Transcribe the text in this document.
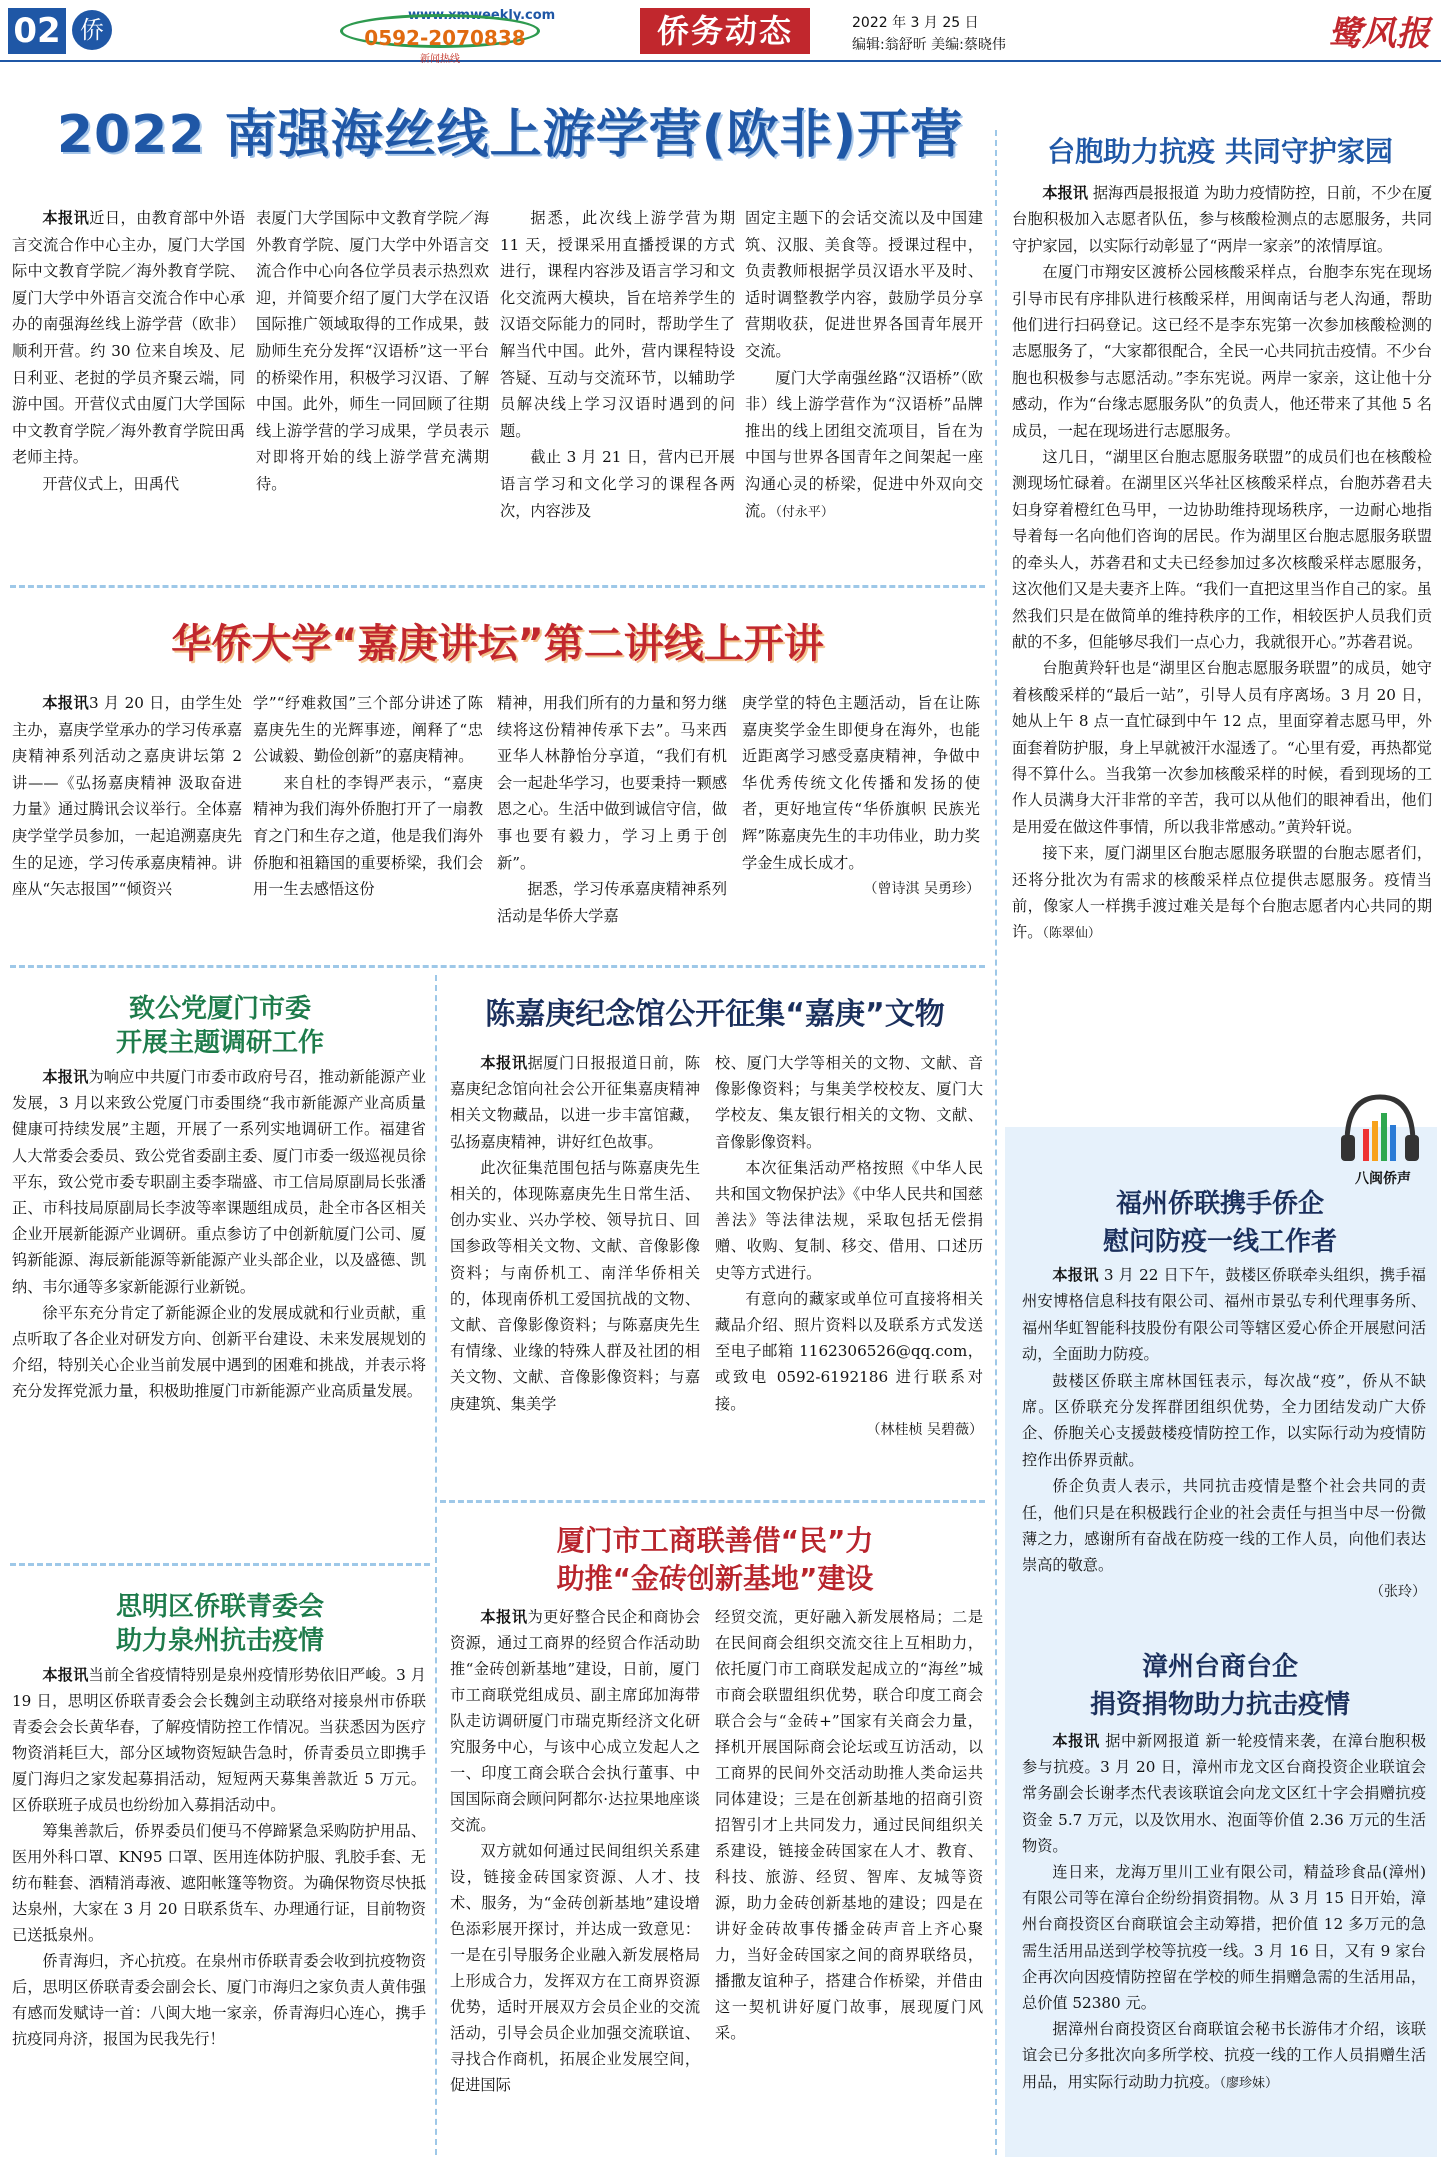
02 侨
www.xmweekly.com
0592-2070838
新闻热线
侨务动态	2022 年 3 月 25 日
编辑:翁舒昕 美编:蔡晓伟	鹭风报
2022 南强海丝线上游学营(欧非)开营

本报讯近日，由教育部中外语言交流合作中心主办，厦门大学国际中文教育学院／海外教育学院、厦门大学中外语言交流合作中心承办的南强海丝线上游学营（欧非）顺利开营。约 30 位来自埃及、尼日利亚、老挝的学员齐聚云端，同游中国。开营仪式由厦门大学国际中文教育学院／海外教育学院田禹老师主持。

开营仪式上，田禹代

表厦门大学国际中文教育学院／海外教育学院、厦门大学中外语言交流合作中心向各位学员表示热烈欢迎，并简要介绍了厦门大学在汉语国际推广领域取得的工作成果，鼓励师生充分发挥“汉语桥”这一平台的桥梁作用，积极学习汉语、了解中国。此外，师生一同回顾了往期线上游学营的学习成果，学员表示对即将开始的线上游学营充满期待。

据悉，此次线上游学营为期 11 天，授课采用直播授课的方式进行，课程内容涉及语言学习和文化交流两大模块，旨在培养学生的汉语交际能力的同时，帮助学生了解当代中国。此外，营内课程特设答疑、互动与交流环节，以辅助学员解决线上学习汉语时遇到的问题。

截止 3 月 21 日，营内已开展语言学习和文化学习的课程各两次，内容涉及

固定主题下的会话交流以及中国建筑、汉服、美食等。授课过程中，负责教师根据学员汉语水平及时、适时调整教学内容，鼓励学员分享营期收获，促进世界各国青年展开交流。

厦门大学南强丝路“汉语桥”（欧非）线上游学营作为“汉语桥”品牌推出的线上团组交流项目，旨在为中国与世界各国青年之间架起一座沟通心灵的桥梁，促进中外双向交流。（付永平）

华侨大学“嘉庚讲坛”第二讲线上开讲

本报讯3 月 20 日，由学生处主办，嘉庚学堂承办的学习传承嘉庚精神系列活动之嘉庚讲坛第 2 讲——《弘扬嘉庚精神 汲取奋进力量》通过腾讯会议举行。全体嘉庚学堂学员参加，一起追溯嘉庚先生的足迹，学习传承嘉庚精神。讲座从“矢志报国”“倾资兴

学”“纾难救国”三个部分讲述了陈嘉庚先生的光辉事迹，阐释了“忠公诚毅、勤俭创新”的嘉庚精神。

来自杜的李锝严表示，“嘉庚精神为我们海外侨胞打开了一扇教育之门和生存之道，他是我们海外侨胞和祖籍国的重要桥梁，我们会用一生去感悟这份

精神，用我们所有的力量和努力继续将这份精神传承下去”。马来西亚华人林静怡分享道，“我们有机会一起赴华学习，也要秉持一颗感恩之心。生活中做到诚信守信，做事也要有毅力，学习上勇于创新”。

据悉，学习传承嘉庚精神系列活动是华侨大学嘉

庚学堂的特色主题活动，旨在让陈嘉庚奖学金生即便身在海外，也能近距离学习感受嘉庚精神，争做中华优秀传统文化传播和发扬的使者，更好地宣传“华侨旗帜 民族光辉”陈嘉庚先生的丰功伟业，助力奖学金生成长成才。

（曾诗淇 吴勇珍）

致公党厦门市委
开展主题调研工作

本报讯为响应中共厦门市委市政府号召，推动新能源产业发展，3 月以来致公党厦门市委围绕“我市新能源产业高质量健康可持续发展”主题，开展了一系列实地调研工作。福建省人大常委会委员、致公党省委副主委、厦门市委一级巡视员徐平东，致公党市委专职副主委李瑞盛、市工信局原副局长张潘正、市科技局原副局长李波等率课题组成员，赴全市各区相关企业开展新能源产业调研。重点参访了中创新航厦门公司、厦钨新能源、海辰新能源等新能源产业头部企业，以及盛德、凯纳、韦尔通等多家新能源行业新锐。

徐平东充分肯定了新能源企业的发展成就和行业贡献，重点听取了各企业对研发方向、创新平台建设、未来发展规划的介绍，特别关心企业当前发展中遇到的困难和挑战，并表示将充分发挥党派力量，积极助推厦门市新能源产业高质量发展。

思明区侨联青委会
助力泉州抗击疫情

本报讯当前全省疫情特别是泉州疫情形势依旧严峻。3 月 19 日，思明区侨联青委会会长魏剑主动联络对接泉州市侨联青委会会长黄华春，了解疫情防控工作情况。当获悉因为医疗物资消耗巨大，部分区域物资短缺告急时，侨青委员立即携手厦门海归之家发起募捐活动，短短两天募集善款近 5 万元。区侨联班子成员也纷纷加入募捐活动中。

筹集善款后，侨界委员们便马不停蹄紧急采购防护用品、医用外科口罩、KN95 口罩、医用连体防护服、乳胶手套、无纺布鞋套、酒精消毒液、遮阳帐篷等物资。为确保物资尽快抵达泉州，大家在 3 月 20 日联系货车、办理通行证，目前物资已送抵泉州。

侨青海归，齐心抗疫。在泉州市侨联青委会收到抗疫物资后，思明区侨联青委会副会长、厦门市海归之家负责人黄伟强有感而发赋诗一首：八闽大地一家亲，侨青海归心连心，携手抗疫同舟济，报国为民我先行！

陈嘉庚纪念馆公开征集“嘉庚”文物

本报讯据厦门日报报道日前，陈嘉庚纪念馆向社会公开征集嘉庚精神相关文物藏品，以进一步丰富馆藏，弘扬嘉庚精神，讲好红色故事。

此次征集范围包括与陈嘉庚先生相关的，体现陈嘉庚先生日常生活、创办实业、兴办学校、领导抗日、回国参政等相关文物、文献、音像影像资料；与南侨机工、南洋华侨相关的，体现南侨机工爱国抗战的文物、文献、音像影像资料；与陈嘉庚先生有情缘、业缘的特殊人群及社团的相关文物、文献、音像影像资料；与嘉庚建筑、集美学

校、厦门大学等相关的文物、文献、音像影像资料；与集美学校校友、厦门大学校友、集友银行相关的文物、文献、音像影像资料。

本次征集活动严格按照《中华人民共和国文物保护法》《中华人民共和国慈善法》等法律法规，采取包括无偿捐赠、收购、复制、移交、借用、口述历史等方式进行。

有意向的藏家或单位可直接将相关藏品介绍、照片资料以及联系方式发送至电子邮箱 1162306526@qq.com，或致电 0592-6192186 进行联系对接。

（林桂桢 吴碧薇）

厦门市工商联善借“民”力
助推“金砖创新基地”建设

本报讯为更好整合民企和商协会资源，通过工商界的经贸合作活动助推“金砖创新基地”建设，日前，厦门市工商联党组成员、副主席邱加海带队走访调研厦门市瑞克斯经济文化研究服务中心，与该中心成立发起人之一、印度工商会联合会执行董事、中国国际商会顾问阿都尔·达拉果地座谈交流。

双方就如何通过民间组织关系建设，链接金砖国家资源、人才、技术、服务，为“金砖创新基地”建设增色添彩展开探讨，并达成一致意见：一是在引导服务企业融入新发展格局上形成合力，发挥双方在工商界资源优势，适时开展双方会员企业的交流活动，引导会员企业加强交流联谊、寻找合作商机，拓展企业发展空间，促进国际

经贸交流，更好融入新发展格局；二是在民间商会组织交流交往上互相助力，依托厦门市工商联发起成立的“海丝”城市商会联盟组织优势，联合印度工商会联合会与“金砖+”国家有关商会力量，择机开展国际商会论坛或互访活动，以工商界的民间外交活动助推人类命运共同体建设；三是在创新基地的招商引资招智引才上共同发力，通过民间组织关系建设，链接金砖国家在人才、教育、科技、旅游、经贸、智库、友城等资源，助力金砖创新基地的建设；四是在讲好金砖故事传播金砖声音上齐心聚力，当好金砖国家之间的商界联络员，播撒友谊种子，搭建合作桥梁，并借由这一契机讲好厦门故事，展现厦门风采。

台胞助力抗疫 共同守护家园

本报讯 据海西晨报报道 为助力疫情防控，日前，不少在厦台胞积极加入志愿者队伍，参与核酸检测点的志愿服务，共同守护家园，以实际行动彰显了“两岸一家亲”的浓情厚谊。

在厦门市翔安区渡桥公园核酸采样点，台胞李东宪在现场引导市民有序排队进行核酸采样，用闽南话与老人沟通，帮助他们进行扫码登记。这已经不是李东宪第一次参加核酸检测的志愿服务了，“大家都很配合，全民一心共同抗击疫情。不少台胞也积极参与志愿活动。”李东宪说。两岸一家亲，这让他十分感动，作为“台缘志愿服务队”的负责人，他还带来了其他 5 名成员，一起在现场进行志愿服务。

这几日，“湖里区台胞志愿服务联盟”的成员们也在核酸检测现场忙碌着。在湖里区兴华社区核酸采样点，台胞苏砻君夫妇身穿着橙红色马甲，一边协助维持现场秩序，一边耐心地指导着每一名向他们咨询的居民。作为湖里区台胞志愿服务联盟的牵头人，苏砻君和丈夫已经参加过多次核酸采样志愿服务，这次他们又是夫妻齐上阵。“我们一直把这里当作自己的家。虽然我们只是在做简单的维持秩序的工作，相较医护人员我们贡献的不多，但能够尽我们一点心力，我就很开心。”苏砻君说。

台胞黄羚轩也是“湖里区台胞志愿服务联盟”的成员，她守着核酸采样的“最后一站”，引导人员有序离场。3 月 20 日，她从上午 8 点一直忙碌到中午 12 点，里面穿着志愿马甲，外面套着防护服，身上早就被汗水湿透了。“心里有爱，再热都觉得不算什么。当我第一次参加核酸采样的时候，看到现场的工作人员满身大汗非常的辛苦，我可以从他们的眼神看出，他们是用爱在做这件事情，所以我非常感动。”黄羚轩说。

接下来，厦门湖里区台胞志愿服务联盟的台胞志愿者们，还将分批次为有需求的核酸采样点位提供志愿服务。疫情当前，像家人一样携手渡过难关是每个台胞志愿者内心共同的期许。（陈翠仙）

八闽侨声
福州侨联携手侨企
慰问防疫一线工作者

本报讯 3 月 22 日下午，鼓楼区侨联牵头组织，携手福州安博格信息科技有限公司、福州市景弘专利代理事务所、福州华虹智能科技股份有限公司等辖区爱心侨企开展慰问活动，全面助力防疫。

鼓楼区侨联主席林国钰表示，每次战“疫”，侨从不缺席。区侨联充分发挥群团组织优势，全力团结发动广大侨企、侨胞关心支援鼓楼疫情防控工作，以实际行动为疫情防控作出侨界贡献。

侨企负责人表示，共同抗击疫情是整个社会共同的责任，他们只是在积极践行企业的社会责任与担当中尽一份微薄之力，感谢所有奋战在防疫一线的工作人员，向他们表达崇高的敬意。

（张玲）

漳州台商台企
捐资捐物助力抗击疫情

本报讯 据中新网报道 新一轮疫情来袭，在漳台胞积极参与抗疫。3 月 20 日，漳州市龙文区台商投资企业联谊会常务副会长谢孝杰代表该联谊会向龙文区红十字会捐赠抗疫资金 5.7 万元，以及饮用水、泡面等价值 2.36 万元的生活物资。

连日来，龙海万里川工业有限公司，精益珍食品(漳州)有限公司等在漳台企纷纷捐资捐物。从 3 月 15 日开始，漳州台商投资区台商联谊会主动筹措，把价值 12 多万元的急需生活用品送到学校等抗疫一线。3 月 16 日，又有 9 家台企再次向因疫情防控留在学校的师生捐赠急需的生活用品，总价值 52380 元。

据漳州台商投资区台商联谊会秘书长游伟才介绍，该联谊会已分多批次向多所学校、抗疫一线的工作人员捐赠生活用品，用实际行动助力抗疫。（廖珍妹）
